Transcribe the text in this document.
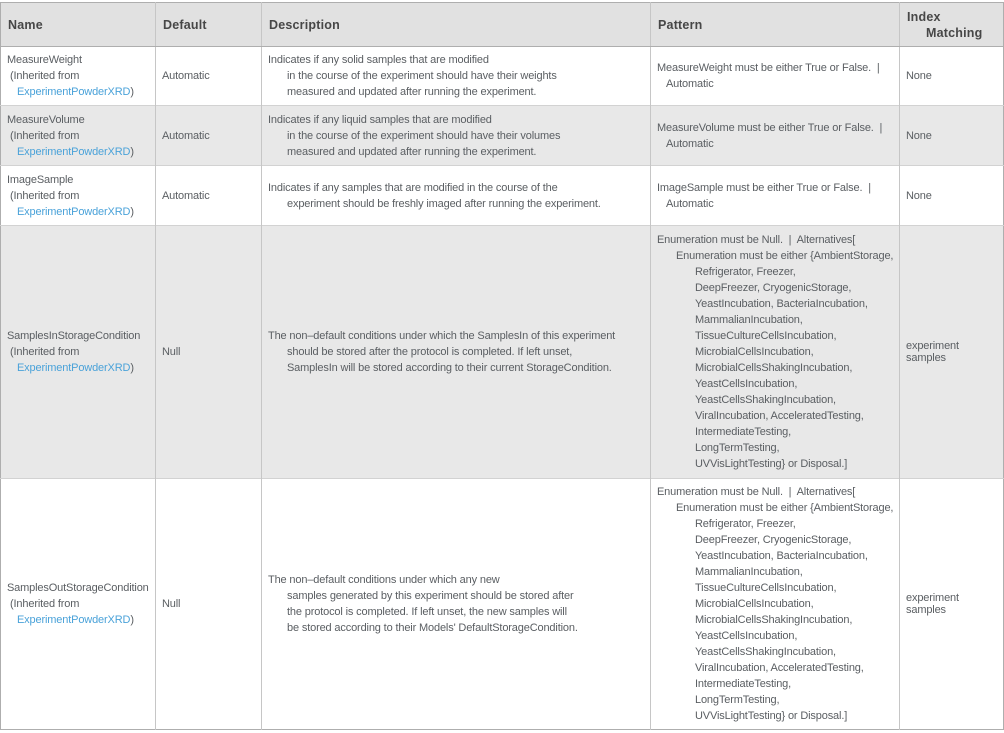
Name	Default	Description	Pattern	Index
Matching

MeasureWeight
(Inherited from
ExperimentPowderXRD)
	Automatic	
Indicates if any solid samples that are modified
in the course of the experiment should have their weights
measured and updated after running the experiment.

MeasureWeight must be either True or False.  |
Automatic
	None

MeasureVolume
(Inherited from
ExperimentPowderXRD)
	Automatic	
Indicates if any liquid samples that are modified
in the course of the experiment should have their volumes
measured and updated after running the experiment.

MeasureVolume must be either True or False.  |
Automatic
	None

ImageSample
(Inherited from
ExperimentPowderXRD)
	Automatic	
Indicates if any samples that are modified in the course of the
experiment should be freshly imaged after running the experiment.

ImageSample must be either True or False.  |
Automatic
	None

SamplesInStorageCondition
(Inherited from
ExperimentPowderXRD)
	Null	
The non–default conditions under which the SamplesIn of this experiment
should be stored after the protocol is completed. If left unset,
SamplesIn will be stored according to their current StorageCondition.

Enumeration must be Null.  |  Alternatives[
Enumeration must be either {AmbientStorage,
Refrigerator, Freezer,
DeepFreezer, CryogenicStorage,
YeastIncubation, BacteriaIncubation,
MammalianIncubation,
TissueCultureCellsIncubation,
MicrobialCellsIncubation,
MicrobialCellsShakingIncubation,
YeastCellsIncubation,
YeastCellsShakingIncubation,
ViralIncubation, AcceleratedTesting,
IntermediateTesting,
LongTermTesting,
UVVisLightTesting} or Disposal.]
	experiment samples

SamplesOutStorageCondition
(Inherited from
ExperimentPowderXRD)
	Null	
The non–default conditions under which any new
samples generated by this experiment should be stored after
the protocol is completed. If left unset, the new samples will
be stored according to their Models' DefaultStorageCondition.

Enumeration must be Null.  |  Alternatives[
Enumeration must be either {AmbientStorage,
Refrigerator, Freezer,
DeepFreezer, CryogenicStorage,
YeastIncubation, BacteriaIncubation,
MammalianIncubation,
TissueCultureCellsIncubation,
MicrobialCellsIncubation,
MicrobialCellsShakingIncubation,
YeastCellsIncubation,
YeastCellsShakingIncubation,
ViralIncubation, AcceleratedTesting,
IntermediateTesting,
LongTermTesting,
UVVisLightTesting} or Disposal.]
	experiment samples
